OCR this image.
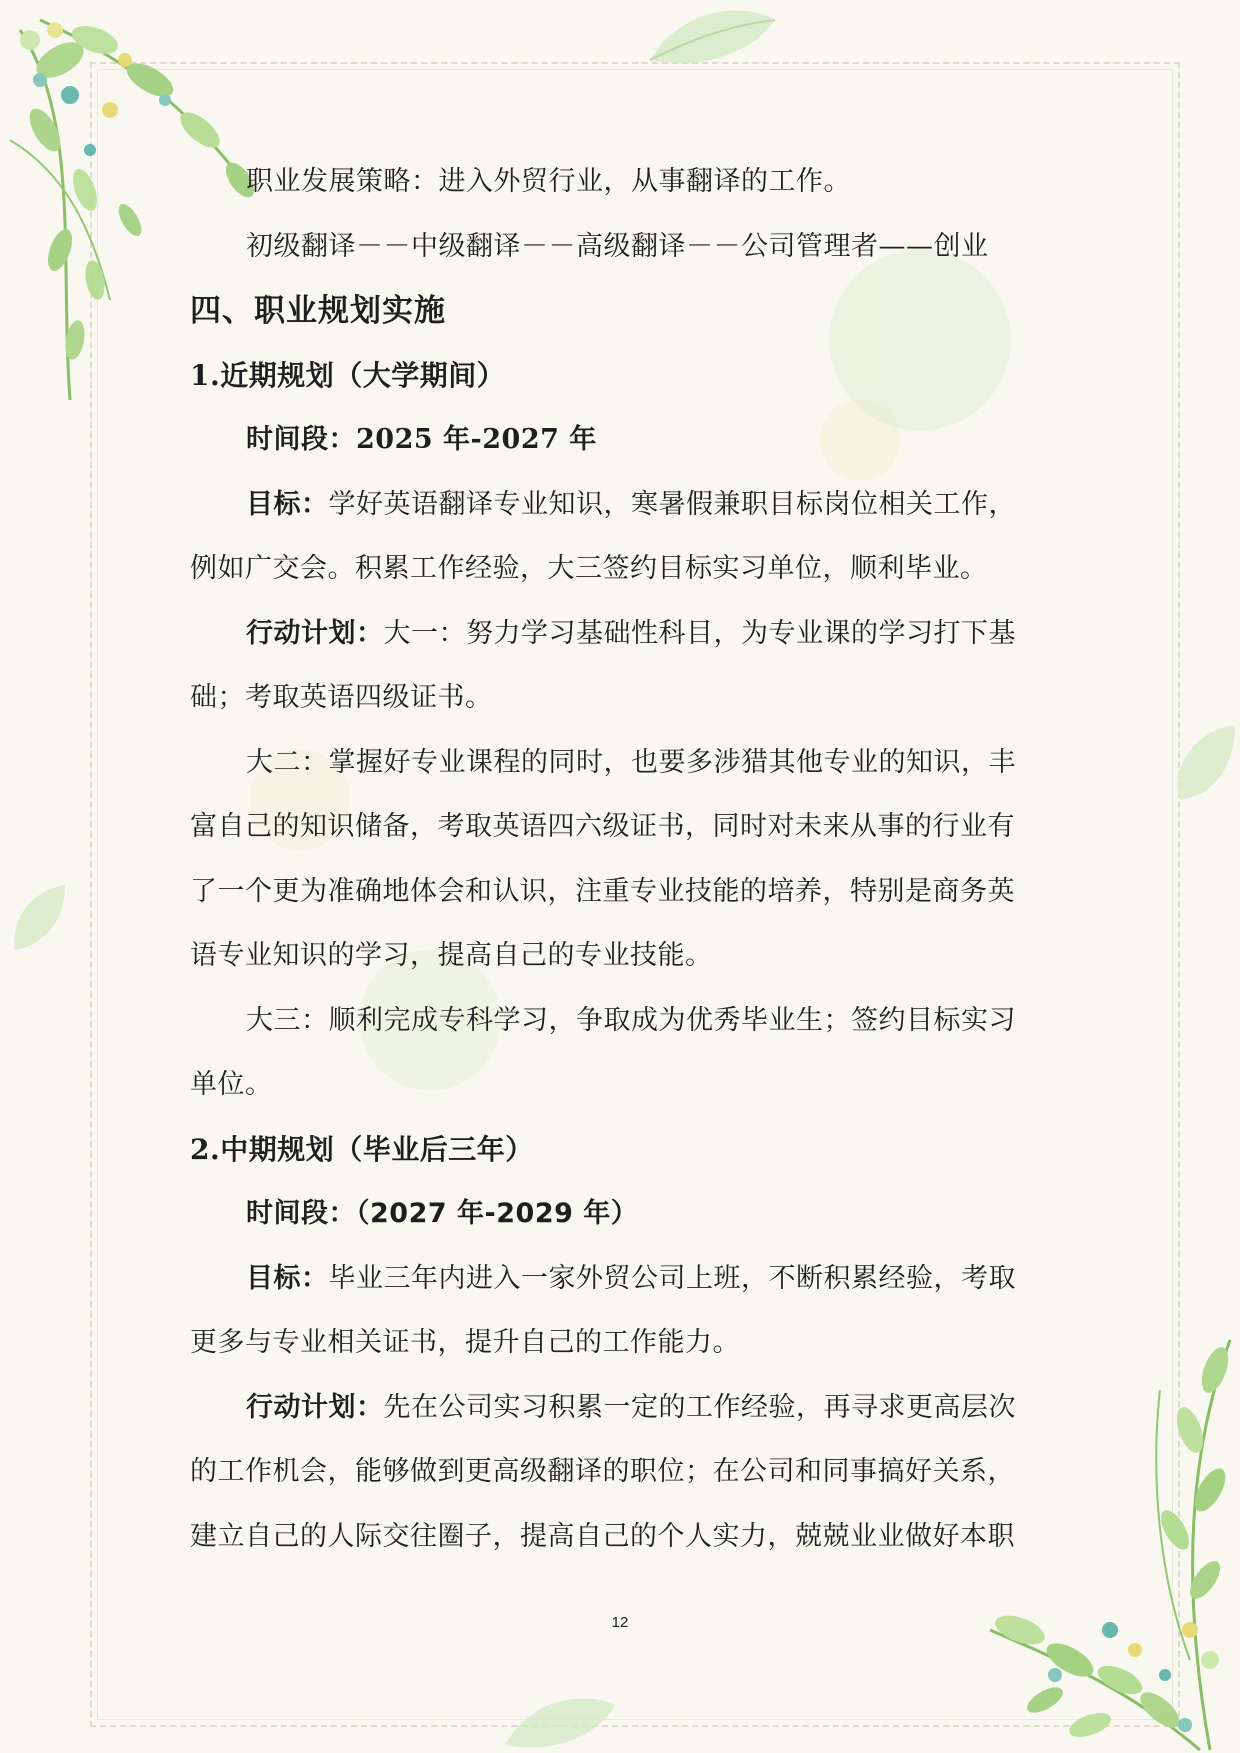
职业发展策略：进入外贸行业，从事翻译的工作。
初级翻译－－中级翻译－－高级翻译－－公司管理者——创业
四、职业规划实施
1.近期规划（大学期间）
时间段：2025 年-2027 年
目标：学好英语翻译专业知识，寒暑假兼职目标岗位相关工作，
例如广交会。积累工作经验，大三签约目标实习单位，顺利毕业。
行动计划：大一：努力学习基础性科目，为专业课的学习打下基
础；考取英语四级证书。
大二：掌握好专业课程的同时，也要多涉猎其他专业的知识，丰
富自己的知识储备，考取英语四六级证书，同时对未来从事的行业有
了一个更为准确地体会和认识，注重专业技能的培养，特别是商务英
语专业知识的学习，提高自己的专业技能。
大三：顺利完成专科学习，争取成为优秀毕业生；签约目标实习
单位。
2.中期规划（毕业后三年）
时间段：（2027 年-2029 年）
目标：毕业三年内进入一家外贸公司上班，不断积累经验，考取
更多与专业相关证书，提升自己的工作能力。
行动计划：先在公司实习积累一定的工作经验，再寻求更高层次
的工作机会，能够做到更高级翻译的职位；在公司和同事搞好关系，
建立自己的人际交往圈子，提高自己的个人实力，兢兢业业做好本职
12
